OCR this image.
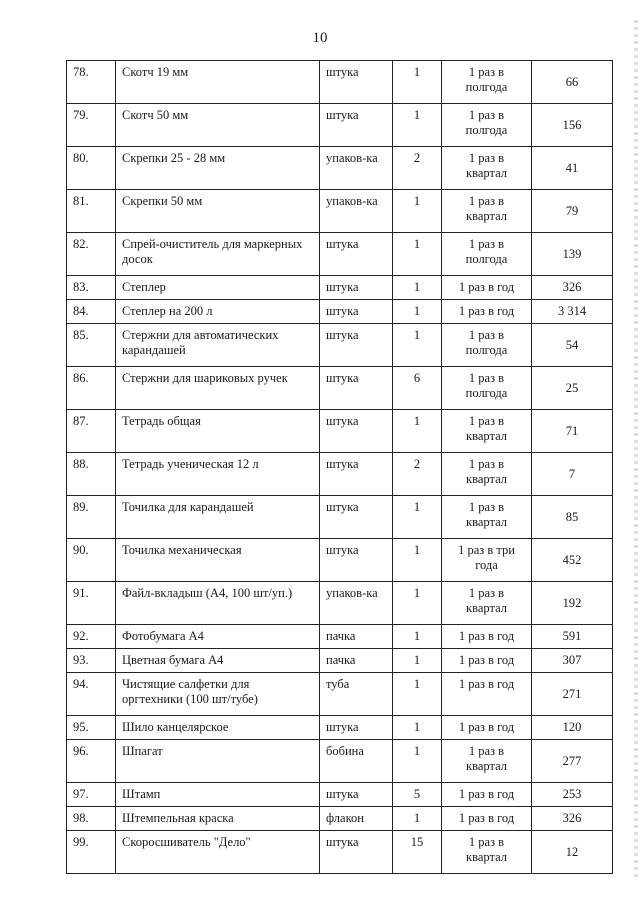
10
78.	Скотч 19 мм	штука	1	1 раз в полгода	66
79.	Скотч 50 мм	штука	1	1 раз в полгода	156
80.	Скрепки 25 - 28 мм	упаков-ка	2	1 раз в квартал	41
81.	Скрепки 50 мм	упаков-ка	1	1 раз в квартал	79
82.	Спрей-очиститель для маркерных досок	штука	1	1 раз в полгода	139
83.	Степлер	штука	1	1 раз в год	326
84.	Степлер на 200 л	штука	1	1 раз в год	3 314
85.	Стержни для автоматических карандашей	штука	1	1 раз в полгода	54
86.	Стержни для шариковых ручек	штука	6	1 раз в полгода	25
87.	Тетрадь общая	штука	1	1 раз в квартал	71
88.	Тетрадь ученическая 12 л	штука	2	1 раз в квартал	7
89.	Точилка для карандашей	штука	1	1 раз в квартал	85
90.	Точилка механическая	штука	1	1 раз в три года	452
91.	Файл-вкладыш (А4, 100 шт/уп.)	упаков-ка	1	1 раз в квартал	192
92.	Фотобумага А4	пачка	1	1 раз в год	591
93.	Цветная бумага А4	пачка	1	1 раз в год	307
94.	Чистящие салфетки для оргтехники (100 шт/тубе)	туба	1	1 раз в год	271
95.	Шило канцелярское	штука	1	1 раз в год	120
96.	Шпагат	бобина	1	1 раз в квартал	277
97.	Штамп	штука	5	1 раз в год	253
98.	Штемпельная краска	флакон	1	1 раз в год	326
99.	Скоросшиватель "Дело"	штука	15	1 раз в квартал	12
